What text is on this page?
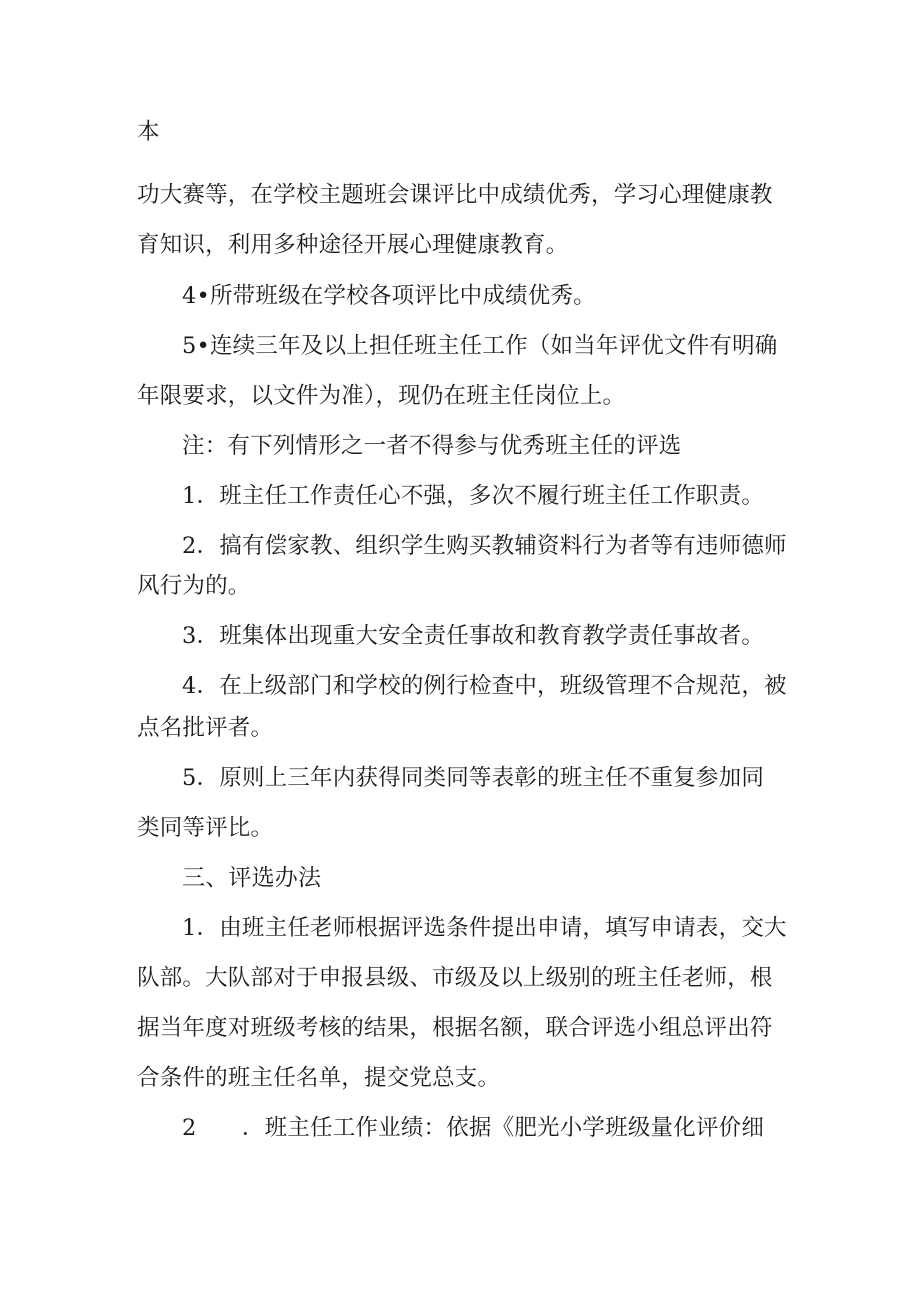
本
功大赛等，在学校主题班会课评比中成绩优秀，学习心理健康教
育知识，利用多种途径开展心理健康教育。
4•所带班级在学校各项评比中成绩优秀。
5•连续三年及以上担任班主任工作（如当年评优文件有明确
年限要求，以文件为准），现仍在班主任岗位上。
注：有下列情形之一者不得参与优秀班主任的评选
1．班主任工作责任心不强，多次不履行班主任工作职责。
2．搞有偿家教、组织学生购买教辅资料行为者等有违师德师
风行为的。
3．班集体出现重大安全责任事故和教育教学责任事故者。
4．在上级部门和学校的例行检查中，班级管理不合规范，被
点名批评者。
5．原则上三年内获得同类同等表彰的班主任不重复参加同
类同等评比。
三、评选办法
1．由班主任老师根据评选条件提出申请，填写申请表，交大
队部。大队部对于申报县级、市级及以上级别的班主任老师，根
据当年度对班级考核的结果，根据名额，联合评选小组总评出符
合条件的班主任名单，提交党总支。
2　　．班主任工作业绩：依据《肥光小学班级量化评价细
